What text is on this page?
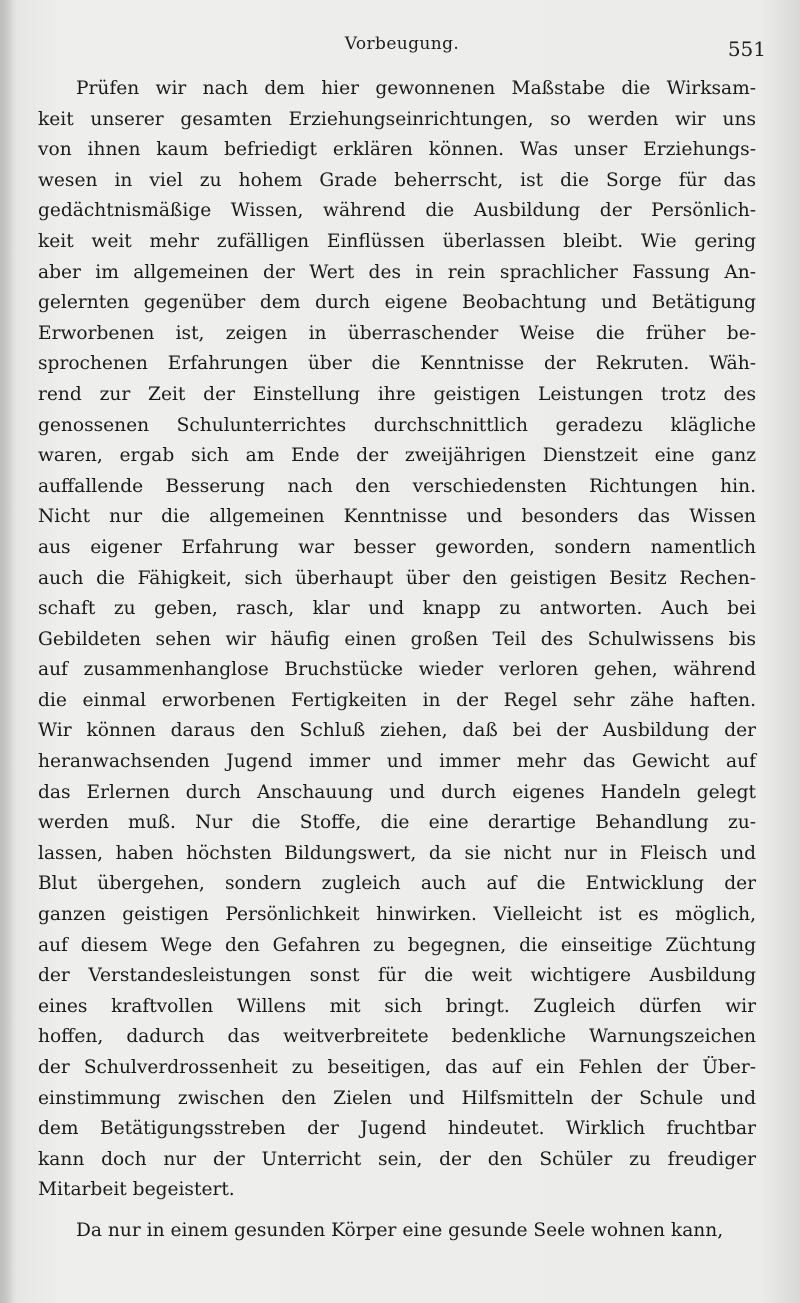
Vorbeugung.	551
Prüfen wir nach dem hier gewonnenen Maßstabe die Wirksam-
keit unserer gesamten Erziehungseinrichtungen, so werden wir uns
von ihnen kaum befriedigt erklären können. Was unser Erziehungs-
wesen in viel zu hohem Grade beherrscht, ist die Sorge für das
gedächtnismäßige Wissen, während die Ausbildung der Persönlich-
keit weit mehr zufälligen Einflüssen überlassen bleibt. Wie gering
aber im allgemeinen der Wert des in rein sprachlicher Fassung An-
gelernten gegenüber dem durch eigene Beobachtung und Betätigung
Erworbenen ist, zeigen in überraschender Weise die früher be-
sprochenen Erfahrungen über die Kenntnisse der Rekruten. Wäh-
rend zur Zeit der Einstellung ihre geistigen Leistungen trotz des
genossenen Schulunterrichtes durchschnittlich geradezu klägliche
waren, ergab sich am Ende der zweijährigen Dienstzeit eine ganz
auffallende Besserung nach den verschiedensten Richtungen hin.
Nicht nur die allgemeinen Kenntnisse und besonders das Wissen
aus eigener Erfahrung war besser geworden, sondern namentlich
auch die Fähigkeit, sich überhaupt über den geistigen Besitz Rechen-
schaft zu geben, rasch, klar und knapp zu antworten. Auch bei
Gebildeten sehen wir häufig einen großen Teil des Schulwissens bis
auf zusammenhanglose Bruchstücke wieder verloren gehen, während
die einmal erworbenen Fertigkeiten in der Regel sehr zähe haften.
Wir können daraus den Schluß ziehen, daß bei der Ausbildung der
heranwachsenden Jugend immer und immer mehr das Gewicht auf
das Erlernen durch Anschauung und durch eigenes Handeln gelegt
werden muß. Nur die Stoffe, die eine derartige Behandlung zu-
lassen, haben höchsten Bildungswert, da sie nicht nur in Fleisch und
Blut übergehen, sondern zugleich auch auf die Entwicklung der
ganzen geistigen Persönlichkeit hinwirken. Vielleicht ist es möglich,
auf diesem Wege den Gefahren zu begegnen, die einseitige Züchtung
der Verstandesleistungen sonst für die weit wichtigere Ausbildung
eines kraftvollen Willens mit sich bringt. Zugleich dürfen wir
hoffen, dadurch das weitverbreitete bedenkliche Warnungszeichen
der Schulverdrossenheit zu beseitigen, das auf ein Fehlen der Über-
einstimmung zwischen den Zielen und Hilfsmitteln der Schule und
dem Betätigungsstreben der Jugend hindeutet. Wirklich fruchtbar
kann doch nur der Unterricht sein, der den Schüler zu freudiger
Mitarbeit begeistert.
Da nur in einem gesunden Körper eine gesunde Seele wohnen kann,
